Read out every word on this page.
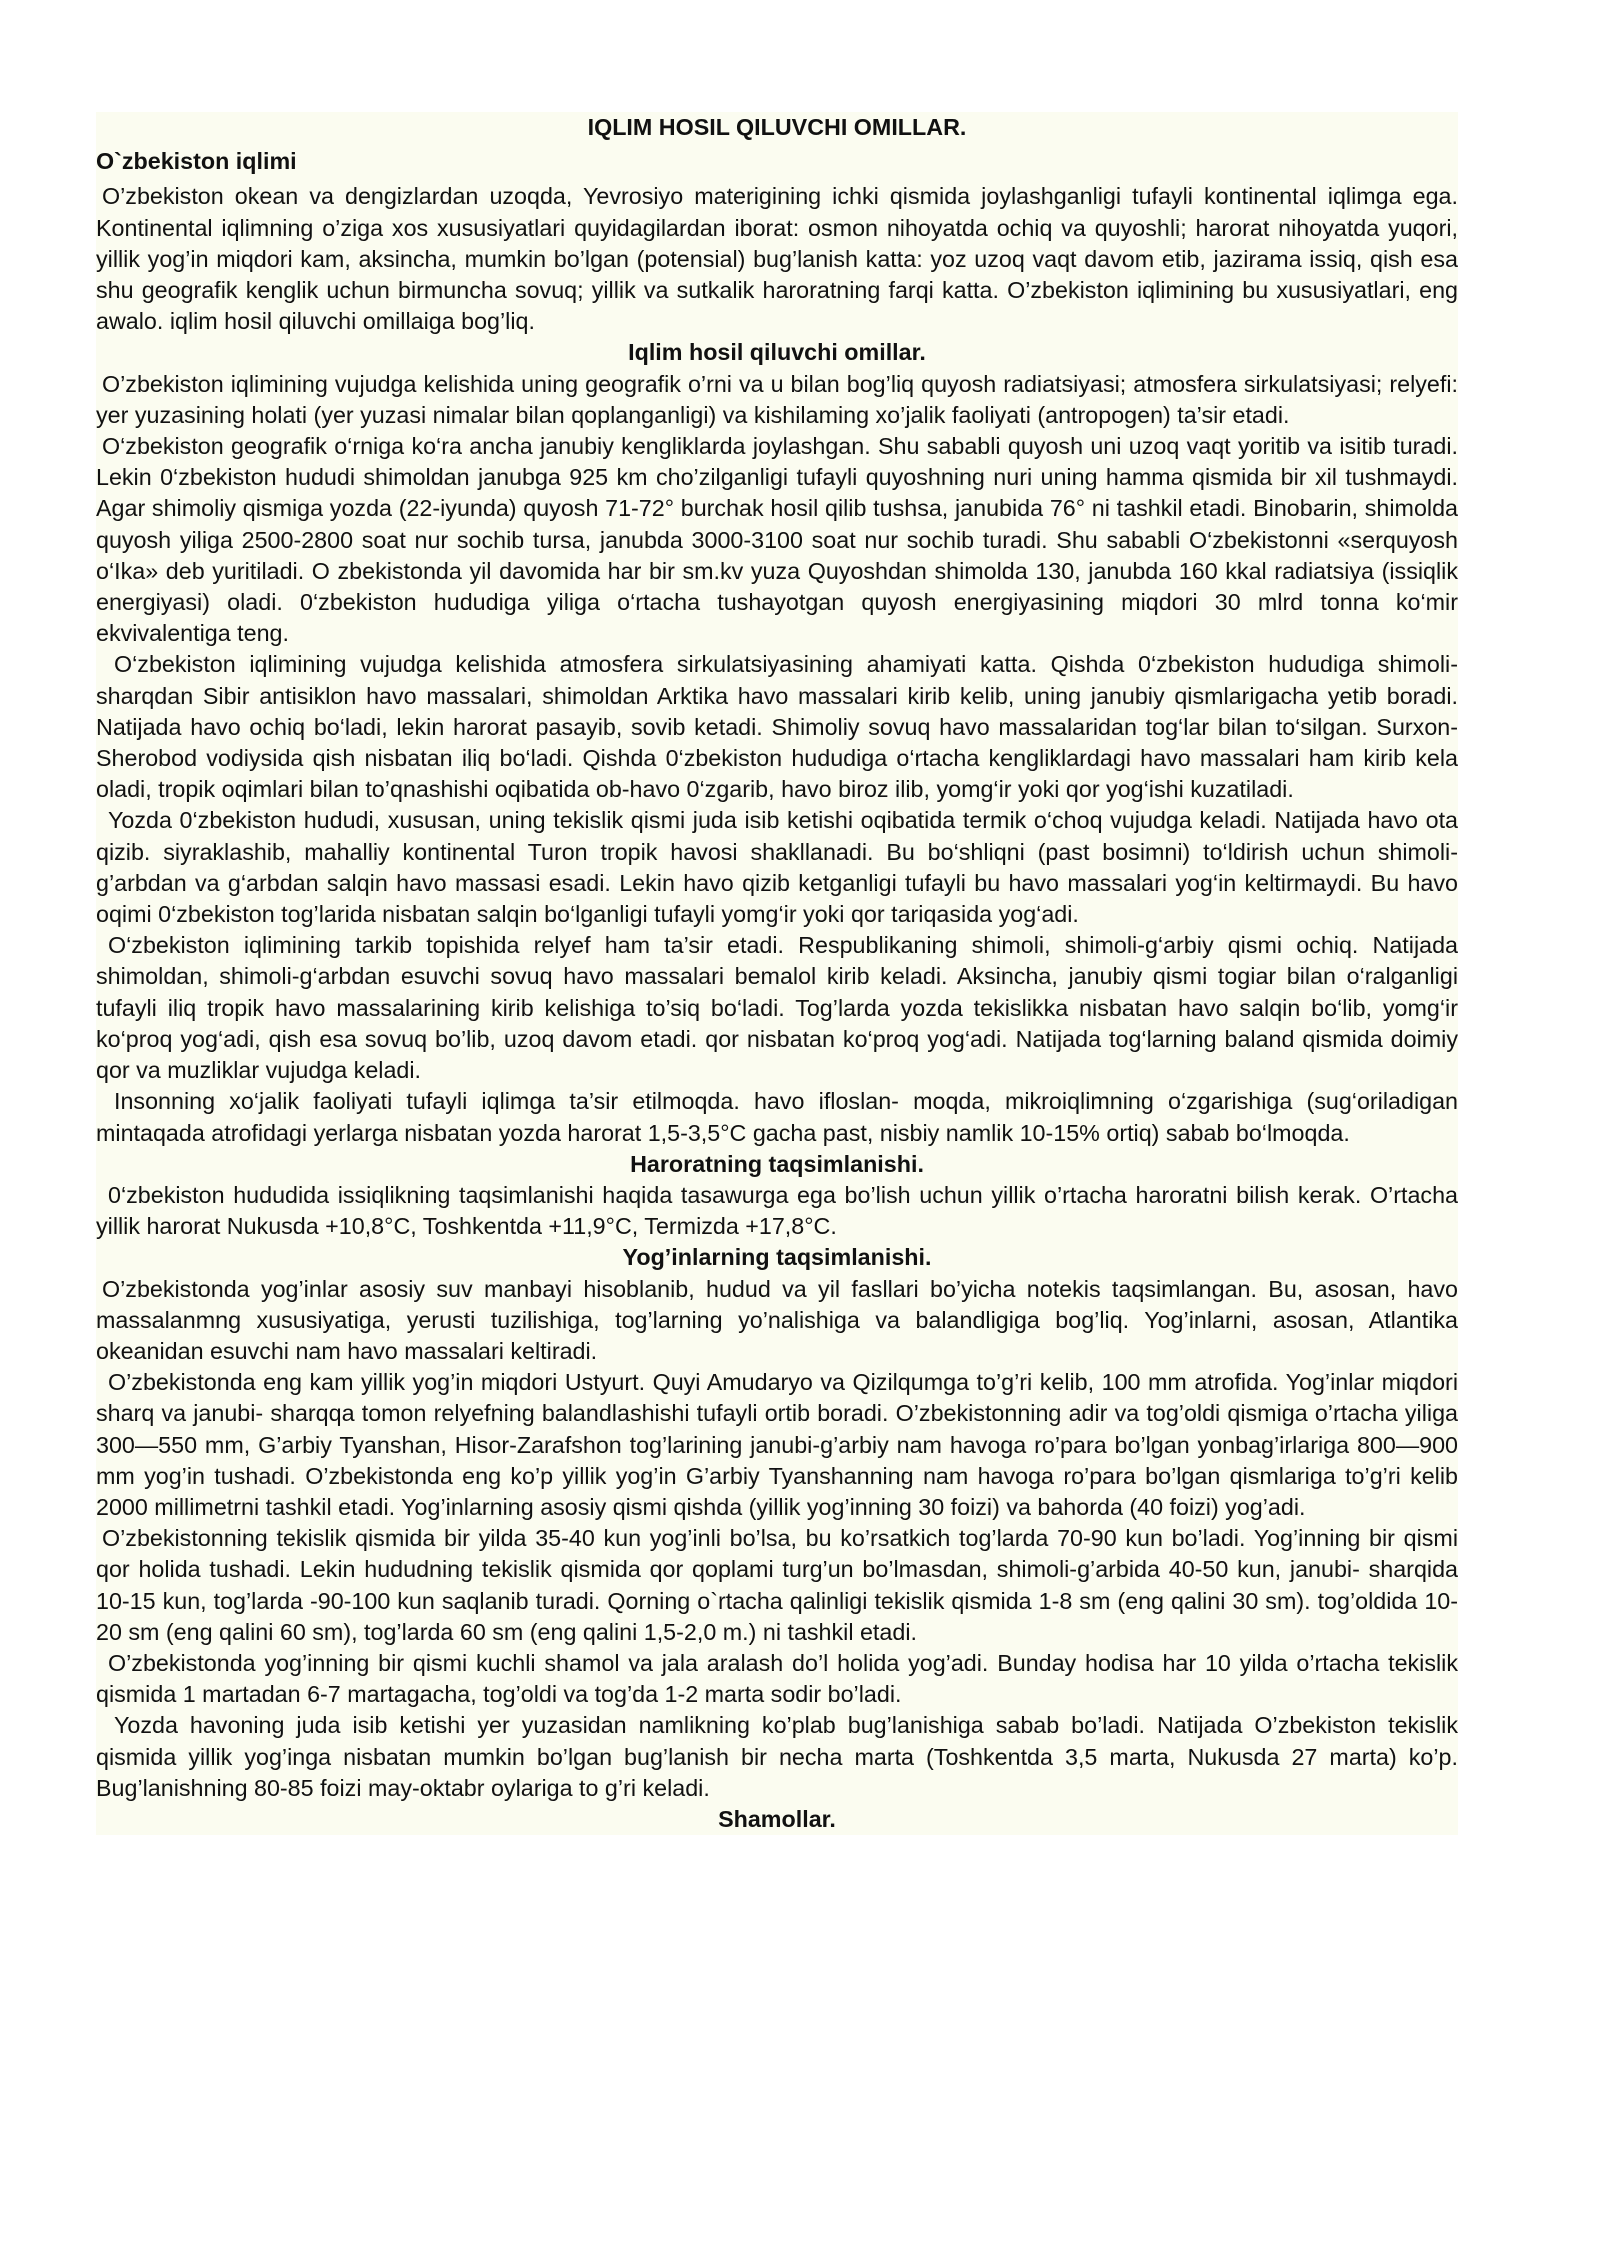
IQLIM HOSIL QILUVCHI OMILLAR.

O`zbekiston iqlimi

O’zbekiston okean va dengizlardan uzoqda, Yevrosiyo materigining ichki qismida joylashganligi tufayli kontinental iqlimga ega. Kontinental iqlimning o’ziga xos xususiyatlari quyidagilardan iborat: osmon nihoyatda ochiq va quyoshli; harorat nihoyatda yuqori, yillik yog’in miqdori kam, aksincha, mumkin bo’lgan (potensial) bug’lanish katta: yoz uzoq vaqt davom etib, jazirama issiq, qish esa shu geografik kenglik uchun birmuncha sovuq; yillik va sutkalik haroratning farqi katta. O’zbekiston iqlimining bu xususiyatlari, eng awalo. iqlim hosil qiluvchi omillaiga bog’liq.

Iqlim hosil qiluvchi omillar.

O’zbekiston iqlimining vujudga kelishida uning geografik o’rni va u bilan bog’liq quyosh radiatsiyasi; atmosfera sirkulatsiyasi; relyefi: yer yuzasining holati (yer yuzasi nimalar bilan qoplanganligi) va kishilaming xo’jalik faoliyati (antropogen) ta’sir etadi.

O‘zbekiston geografik o‘rniga ko‘ra ancha janubiy kengliklarda joylashgan. Shu sababli quyosh uni uzoq vaqt yoritib va isitib turadi. Lekin 0‘zbekiston hududi shimoldan janubga 925 km cho’zilganligi tufayli quyoshning nuri uning hamma qismida bir xil tushmaydi. Agar shimoliy qismiga yozda (22-iyunda) quyosh 71-72° burchak hosil qilib tushsa, janubida 76° ni tashkil etadi. Binobarin, shimolda quyosh yiliga 2500-2800 soat nur sochib tursa, janubda 3000-3100 soat nur sochib turadi. Shu sababli O‘zbekistonni «serquyosh o‘Ika» deb yuritiladi. O zbekistonda yil davomida har bir sm.kv yuza Quyoshdan shimolda 130, janubda 160 kkal radiatsiya (issiqlik energiyasi) oladi. 0‘zbekiston hududiga yiliga o‘rtacha tushayotgan quyosh energiyasining miqdori 30 mlrd tonna ko‘mir ekvivalentiga teng.

O‘zbekiston iqlimining vujudga kelishida atmosfera sirkulatsiyasining ahamiyati katta. Qishda 0‘zbekiston hududiga shimoli-sharqdan Sibir antisiklon havo massalari, shimoldan Arktika havo massalari kirib kelib, uning janubiy qismlarigacha yetib boradi. Natijada havo ochiq bo‘ladi, lekin harorat pasayib, sovib ketadi. Shimoliy sovuq havo massalaridan tog‘lar bilan to‘silgan. Surxon-Sherobod vodiysida qish nisbatan iliq bo‘ladi. Qishda 0‘zbekiston hududiga o‘rtacha kengliklardagi havo massalari ham kirib kela oladi, tropik oqimlari bilan to’qnashishi oqibatida ob-havo 0‘zgarib, havo biroz ilib, yomg‘ir yoki qor yog‘ishi kuzatiladi.

Yozda 0‘zbekiston hududi, xususan, uning tekislik qismi juda isib ketishi oqibatida termik o‘choq vujudga keladi. Natijada havo ota qizib. siyraklashib, mahalliy kontinental Turon tropik havosi shakllanadi. Bu bo‘shliqni (past bosimni) to‘ldirish uchun shimoli-g’arbdan va g‘arbdan salqin havo massasi esadi. Lekin havo qizib ketganligi tufayli bu havo massalari yog‘in keltirmaydi. Bu havo oqimi 0‘zbekiston tog’larida nisbatan salqin bo‘lganligi tufayli yomg‘ir yoki qor tariqasida yog‘adi.

O‘zbekiston iqlimining tarkib topishida relyef ham ta’sir etadi. Respublikaning shimoli, shimoli-g‘arbiy qismi ochiq. Natijada shimoldan, shimoli-g‘arbdan esuvchi sovuq havo massalari bemalol kirib keladi. Aksincha, janubiy qismi togiar bilan o‘ralganligi tufayli iliq tropik havo massalarining kirib kelishiga to’siq bo‘ladi. Tog’larda yozda tekislikka nisbatan havo salqin bo‘lib, yomg‘ir ko‘proq yog‘adi, qish esa sovuq bo’lib, uzoq davom etadi. qor nisbatan ko‘proq yog‘adi. Natijada tog‘larning baland qismida doimiy qor va muzliklar vujudga keladi.

Insonning xo‘jalik faoliyati tufayli iqlimga ta’sir etilmoqda. havo ifloslan- moqda, mikroiqlimning o‘zgarishiga (sug‘oriladigan mintaqada atrofidagi yerlarga nisbatan yozda harorat 1,5-3,5°C gacha past, nisbiy namlik 10-15% ortiq) sabab bo‘lmoqda.

Haroratning taqsimlanishi.

0‘zbekiston hududida issiqlikning taqsimlanishi haqida tasawurga ega bo’lish uchun yillik o’rtacha haroratni bilish kerak. O’rtacha yillik harorat Nukusda +10,8°C, Toshkentda +11,9°C, Termizda +17,8°C.

Yog’inlarning taqsimlanishi.

O’zbekistonda yog’inlar asosiy suv manbayi hisoblanib, hudud va yil fasllari bo’yicha notekis taqsimlangan. Bu, asosan, havo massalanmng xususiyatiga, yerusti tuzilishiga, tog’larning yo’nalishiga va balandligiga bog’liq. Yog’inlarni, asosan, Atlantika okeanidan esuvchi nam havo massalari keltiradi.

O’zbekistonda eng kam yillik yog’in miqdori Ustyurt. Quyi Amudaryo va Qizilqumga to’g’ri kelib, 100 mm atrofida. Yog’inlar miqdori sharq va janubi- sharqqa tomon relyefning balandlashishi tufayli ortib boradi. O’zbekistonning adir va tog’oldi qismiga o’rtacha yiliga 300—550 mm, G’arbiy Tyanshan, Hisor-Zarafshon tog’larining janubi-g’arbiy nam havoga ro’para bo’lgan yonbag’irlariga 800—900 mm yog’in tushadi. O’zbekistonda eng ko’p yillik yog’in G’arbiy Tyanshanning nam havoga ro’para bo’lgan qismlariga to’g’ri kelib 2000 millimetrni tashkil etadi. Yog’inlarning asosiy qismi qishda (yillik yog’inning 30 foizi) va bahorda (40 foizi) yog’adi.

O’zbekistonning tekislik qismida bir yilda 35-40 kun yog’inli bo’lsa, bu ko’rsatkich tog’larda 70-90 kun bo’ladi. Yog’inning bir qismi qor holida tushadi. Lekin hududning tekislik qismida qor qoplami turg’un bo’lmasdan, shimoli-g’arbida 40-50 kun, janubi- sharqida 10-15 kun, tog’larda -90-100 kun saqlanib turadi. Qorning o`rtacha qalinligi tekislik qismida 1-8 sm (eng qalini 30 sm). tog’oldida 10-20 sm (eng qalini 60 sm), tog’larda 60 sm (eng qalini 1,5-2,0 m.) ni tashkil etadi.

O’zbekistonda yog’inning bir qismi kuchli shamol va jala aralash do’l holida yog’adi. Bunday hodisa har 10 yilda o’rtacha tekislik qismida 1 martadan 6-7 martagacha, tog’oldi va tog’da 1-2 marta sodir bo’ladi.

Yozda havoning juda isib ketishi yer yuzasidan namlikning ko’plab bug’lanishiga sabab bo’ladi. Natijada O’zbekiston tekislik qismida yillik yog’inga nisbatan mumkin bo’lgan bug’lanish bir necha marta (Toshkentda 3,5 marta, Nukusda 27 marta) ko’p. Bug’lanishning 80-85 foizi may-oktabr oylariga to g’ri keladi.

Shamollar.
